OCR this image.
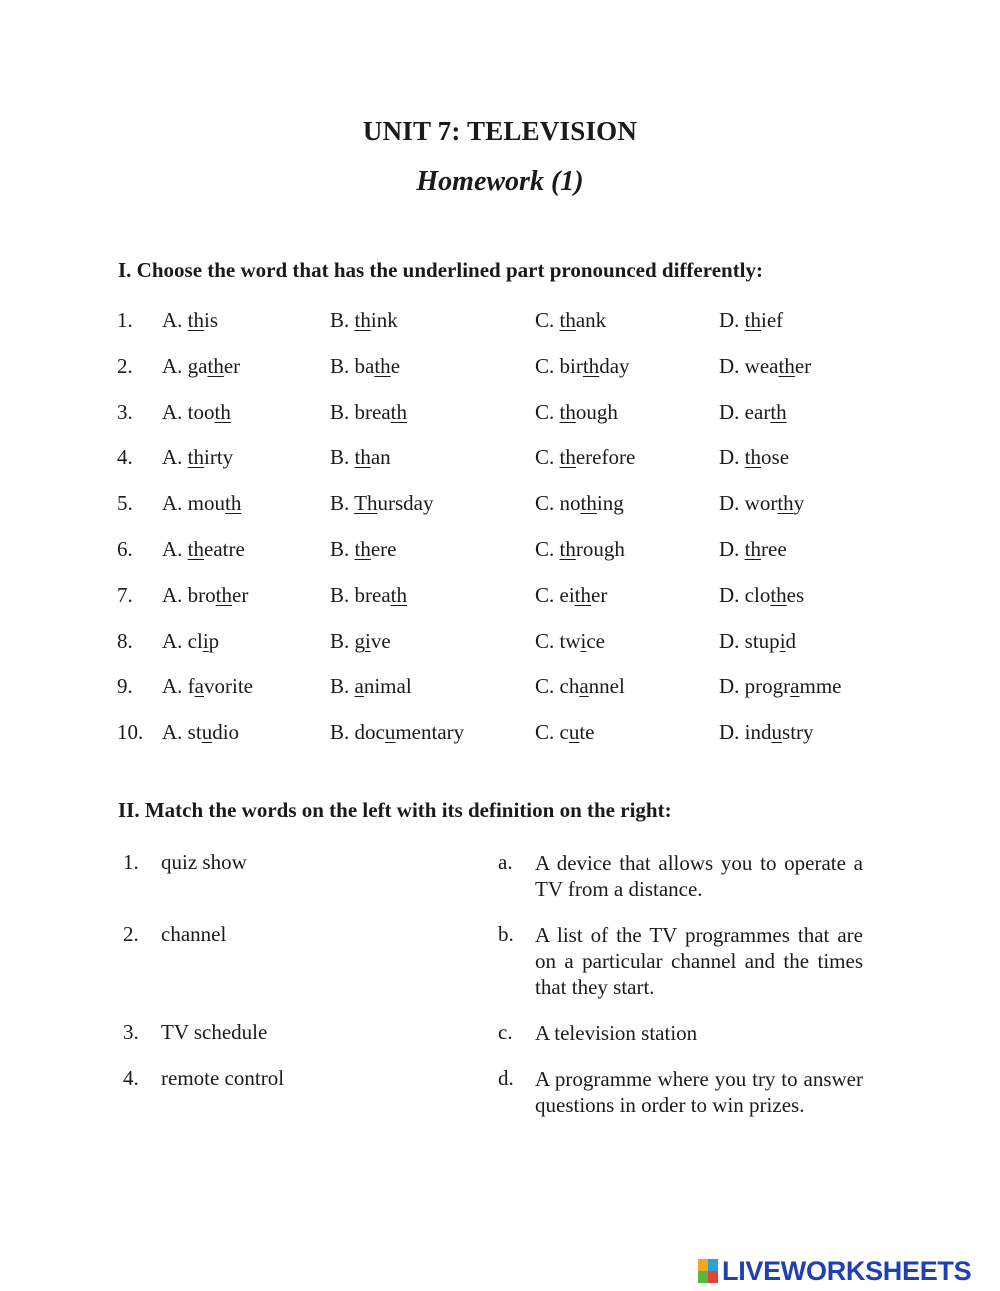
UNIT 7: TELEVISION
Homework (1)
I. Choose the word that has the underlined part pronounced differently:
1. A. this	B. think	C. thank	D. thief
2. A. gather	B. bathe	C. birthday	D. weather
3. A. tooth	B. breath	C. though	D. earth
4. A. thirty	B. than	C. therefore	D. those
5. A. mouth	B. Thursday	C. nothing	D. worthy
6. A. theatre	B. there	C. through	D. three
7. A. brother	B. breath	C. either	D. clothes
8. A. clip	B. give	C. twice	D. stupid
9. A. favorite	B. animal	C. channel	D. programme
10. A. studio	B. documentary	C. cute	D. industry
II. Match the words on the left with its definition on the right:
1. quiz show	a. A device that allows you to operate a TV from a distance.
2. channel	b. A list of the TV programmes that are on a particular channel and the times that they start.
3. TV schedule	c. A television station
4. remote control	d. A programme where you try to answer questions in order to win prizes.
LIVEWORKSHEETS
